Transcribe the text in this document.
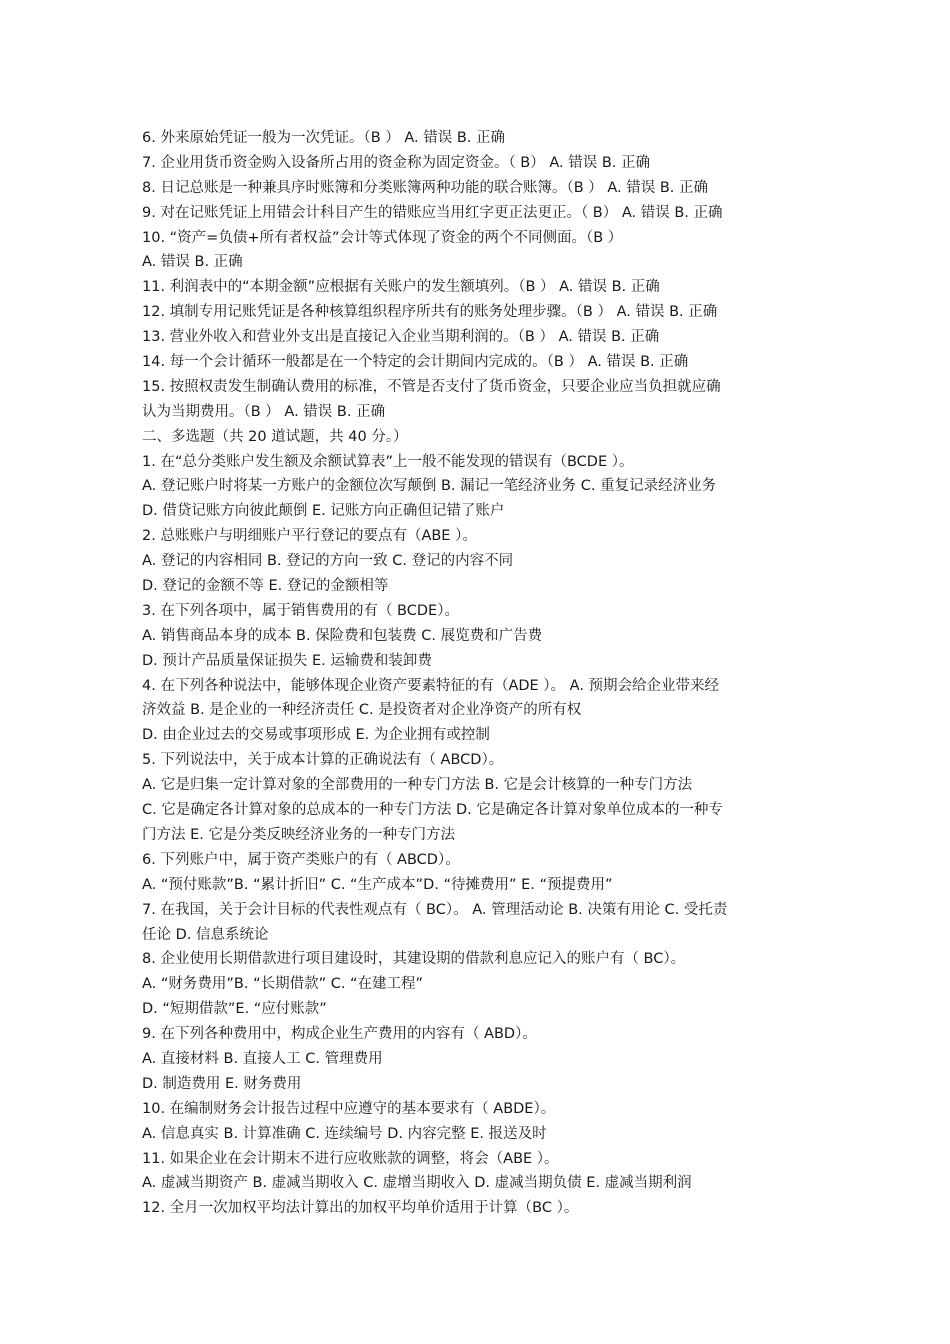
6. 外来原始凭证一般为一次凭证。（B ） A. 错误 B. 正确
7. 企业用货币资金购入设备所占用的资金称为固定资金。（ B） A. 错误 B. 正确
8. 日记总账是一种兼具序时账簿和分类账簿两种功能的联合账簿。（B ） A. 错误 B. 正确
9. 对在记账凭证上用错会计科目产生的错账应当用红字更正法更正。（ B） A. 错误 B. 正确
10. “资产=负债+所有者权益”会计等式体现了资金的两个不同侧面。（B ）
A. 错误 B. 正确
11. 利润表中的“本期金额”应根据有关账户的发生额填列。（B ） A. 错误 B. 正确
12. 填制专用记账凭证是各种核算组织程序所共有的账务处理步骤。（B ） A. 错误 B. 正确
13. 营业外收入和营业外支出是直接记入企业当期利润的。（B ） A. 错误 B. 正确
14. 每一个会计循环一般都是在一个特定的会计期间内完成的。（B ） A. 错误 B. 正确
15. 按照权责发生制确认费用的标准，不管是否支付了货币资金，只要企业应当负担就应确
认为当期费用。（B ） A. 错误 B. 正确
二、多选题（共 20 道试题，共 40 分。）
1. 在“总分类账户发生额及余额试算表”上一般不能发现的错误有（BCDE ）。
A. 登记账户时将某一方账户的金额位次写颠倒 B. 漏记一笔经济业务 C. 重复记录经济业务
D. 借贷记账方向彼此颠倒 E. 记账方向正确但记错了账户
2. 总账账户与明细账户平行登记的要点有（ABE ）。
A. 登记的内容相同 B. 登记的方向一致 C. 登记的内容不同
D. 登记的金额不等 E. 登记的金额相等
3. 在下列各项中，属于销售费用的有（ BCDE）。
A. 销售商品本身的成本 B. 保险费和包装费 C. 展览费和广告费
D. 预计产品质量保证损失 E. 运输费和装卸费
4. 在下列各种说法中，能够体现企业资产要素特征的有（ADE ）。 A. 预期会给企业带来经
济效益 B. 是企业的一种经济责任 C. 是投资者对企业净资产的所有权
D. 由企业过去的交易或事项形成 E. 为企业拥有或控制
5. 下列说法中，关于成本计算的正确说法有（ ABCD）。
A. 它是归集一定计算对象的全部费用的一种专门方法 B. 它是会计核算的一种专门方法
C. 它是确定各计算对象的总成本的一种专门方法 D. 它是确定各计算对象单位成本的一种专
门方法 E. 它是分类反映经济业务的一种专门方法
6. 下列账户中，属于资产类账户的有（ ABCD）。
A. “预付账款”B. “累计折旧” C. “生产成本”D. “待摊费用” E. “预提费用”
7. 在我国，关于会计目标的代表性观点有（ BC）。 A. 管理活动论 B. 决策有用论 C. 受托责
任论 D. 信息系统论
8. 企业使用长期借款进行项目建设时，其建设期的借款利息应记入的账户有（ BC）。
A. “财务费用”B. “长期借款” C. “在建工程”
D. “短期借款”E. “应付账款”
9. 在下列各种费用中，构成企业生产费用的内容有（ ABD）。
A. 直接材料 B. 直接人工 C. 管理费用
D. 制造费用 E. 财务费用
10. 在编制财务会计报告过程中应遵守的基本要求有（ ABDE）。
A. 信息真实 B. 计算准确 C. 连续编号 D. 内容完整 E. 报送及时
11. 如果企业在会计期末不进行应收账款的调整，将会（ABE ）。
A. 虚减当期资产 B. 虚减当期收入 C. 虚增当期收入 D. 虚减当期负债 E. 虚减当期利润
12. 全月一次加权平均法计算出的加权平均单价适用于计算（BC ）。
